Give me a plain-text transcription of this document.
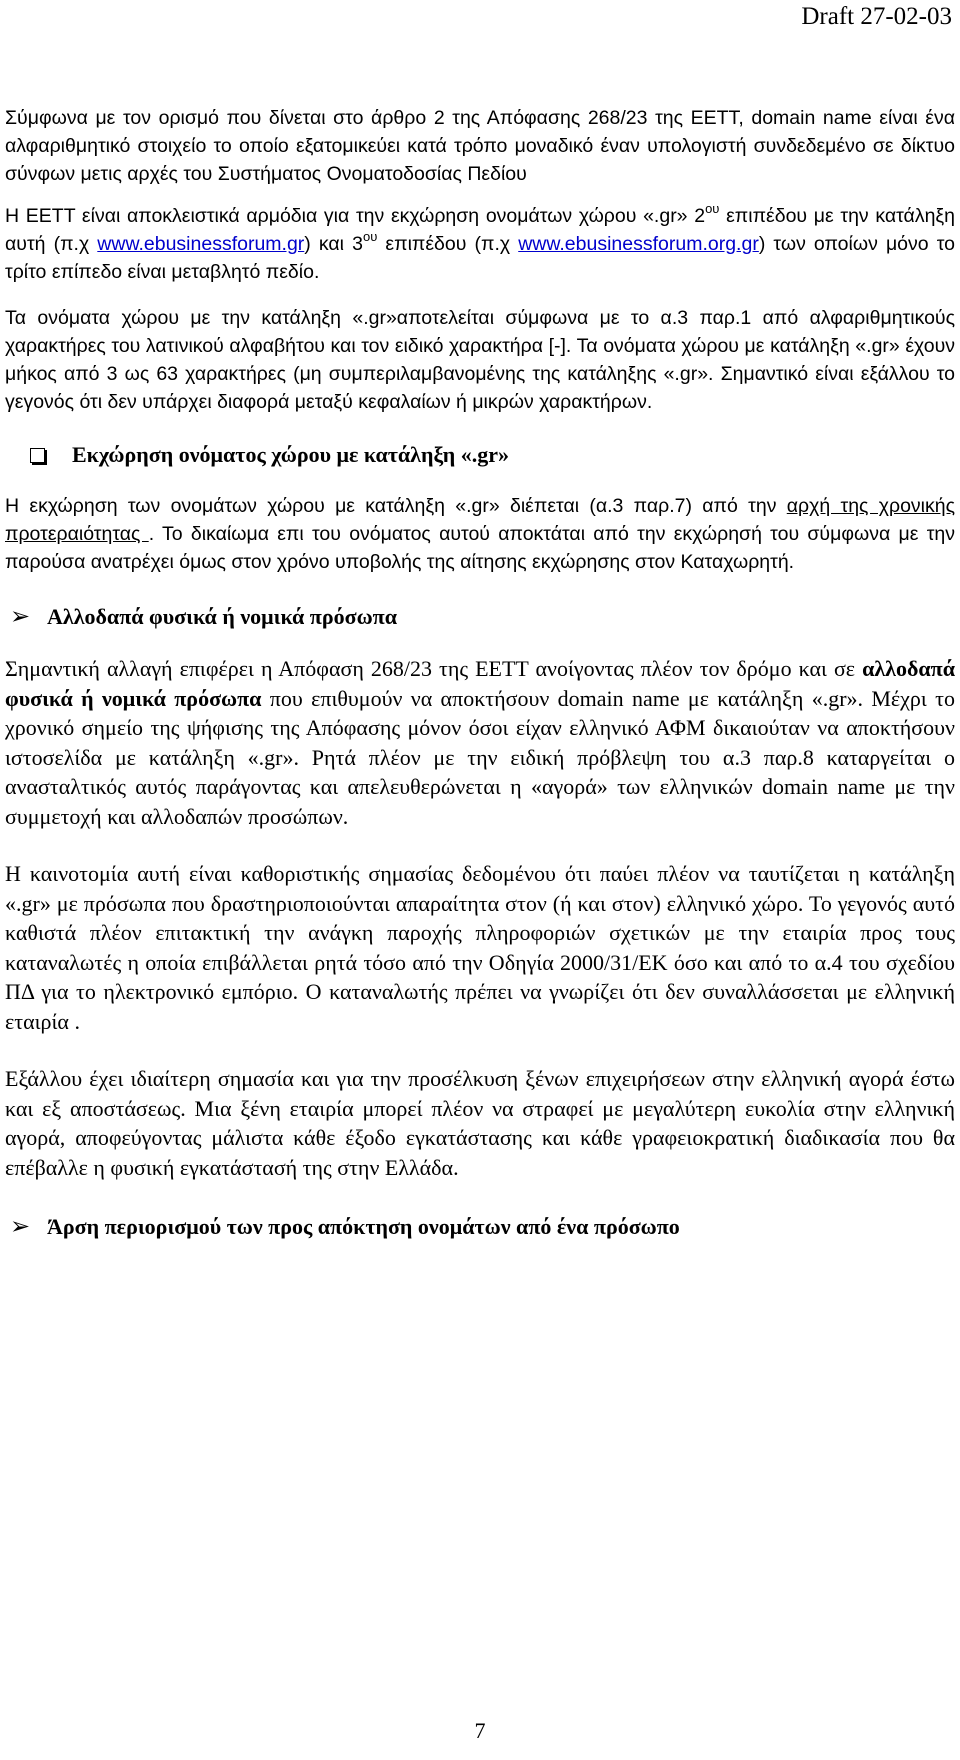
Draft 27-02-03

Σύμφωνα με τον ορισμό που δίνεται στο άρθρο 2 της Απόφασης 268/23 της ΕΕΤΤ, domain name είναι ένα αλφαριθμητικό στοιχείο το οποίο εξατομικεύει κατά τρόπο μοναδικό έναν υπολογιστή συνδεδεμένο σε δίκτυο σύνφων μετις αρχές του Συστήματος Ονοματοδοσίας Πεδίου

Η ΕΕΤΤ είναι αποκλειστικά αρμόδια για την εκχώρηση ονομάτων χώρου «.gr» $2^{o\upsilon}$ επιπέδου με την κατάληξη αυτή (π.χ www.ebusinessforum.gr) και $3^{o\upsilon}$ επιπέδου (π.χ www.ebusinessforum.org.gr) των οποίων μόνο το τρίτο επίπεδο είναι μεταβλητό πεδίο.

Τα ονόματα χώρου με την κατάληξη «.gr»αποτελείται σύμφωνα με το α.3 παρ.1 από αλφαριθμητικούς χαρακτήρες του λατινικού αλφαβήτου και τον ειδικό χαρακτήρα [-]. Τα ονόματα χώρου με κατάληξη «.gr» έχουν μήκος από 3 ως 63 χαρακτήρες (μη συμπεριλαμβανομένης της κατάληξης «.gr». Σημαντικό είναι εξάλλου το γεγονός ότι δεν υπάρχει διαφορά μεταξύ κεφαλαίων ή μικρών χαρακτήρων.

Εκχώρηση ονόματος χώρου με κατάληξη «.gr»

Η εκχώρηση των ονομάτων χώρου με κατάληξη «.gr» διέπεται (α.3 παρ.7) από την αρχή της χρονικής προτεραιότητας . Το δικαίωμα επι του ονόματος αυτού αποκτάται από την εκχώρησή του σύμφωνα με την παρούσα ανατρέχει όμως στον χρόνο υποβολής της αίτησης εκχώρησης στον Καταχωρητή.

➢ Αλλοδαπά φυσικά ή νομικά πρόσωπα

Σημαντική αλλαγή επιφέρει η Απόφαση 268/23 της ΕΕΤΤ ανοίγοντας πλέον τον δρόμο και σε αλλοδαπά φυσικά ή νομικά πρόσωπα που επιθυμούν να αποκτήσουν domain name με κατάληξη «.gr». Μέχρι το χρονικό σημείο της ψήφισης της Απόφασης μόνον όσοι είχαν ελληνικό ΑΦΜ δικαιούταν να αποκτήσουν ιστοσελίδα με κατάληξη «.gr». Ρητά πλέον με την ειδική πρόβλεψη του α.3 παρ.8 καταργείται ο ανασταλτικός αυτός παράγοντας και απελευθερώνεται η «αγορά» των ελληνικών domain name με την συμμετοχή και αλλοδαπών προσώπων.

Η καινοτομία αυτή είναι καθοριστικής σημασίας δεδομένου ότι παύει πλέον να ταυτίζεται η κατάληξη «.gr» με πρόσωπα που δραστηριοποιούνται απαραίτητα στον (ή και στον) ελληνικό χώρο. Το γεγονός αυτό καθιστά πλέον επιτακτική την ανάγκη παροχής πληροφοριών σχετικών με την εταιρία προς τους καταναλωτές η οποία επιβάλλεται ρητά τόσο από την Οδηγία 2000/31/ΕΚ όσο και από το α.4 του σχεδίου ΠΔ για το ηλεκτρονικό εμπόριο. Ο καταναλωτής πρέπει να γνωρίζει ότι δεν συναλλάσσεται με ελληνική εταιρία .

Εξάλλου έχει ιδιαίτερη σημασία και για την προσέλκυση ξένων επιχειρήσεων στην ελληνική αγορά έστω και εξ αποστάσεως. Μια ξένη εταιρία μπορεί πλέον να στραφεί με μεγαλύτερη ευκολία στην ελληνική αγορά, αποφεύγοντας μάλιστα κάθε έξοδο εγκατάστασης και κάθε γραφειοκρατική διαδικασία που θα επέβαλλε η φυσική εγκατάστασή της στην Ελλάδα.

➢ Άρση περιορισμού των προς απόκτηση ονομάτων από ένα πρόσωπο
7
